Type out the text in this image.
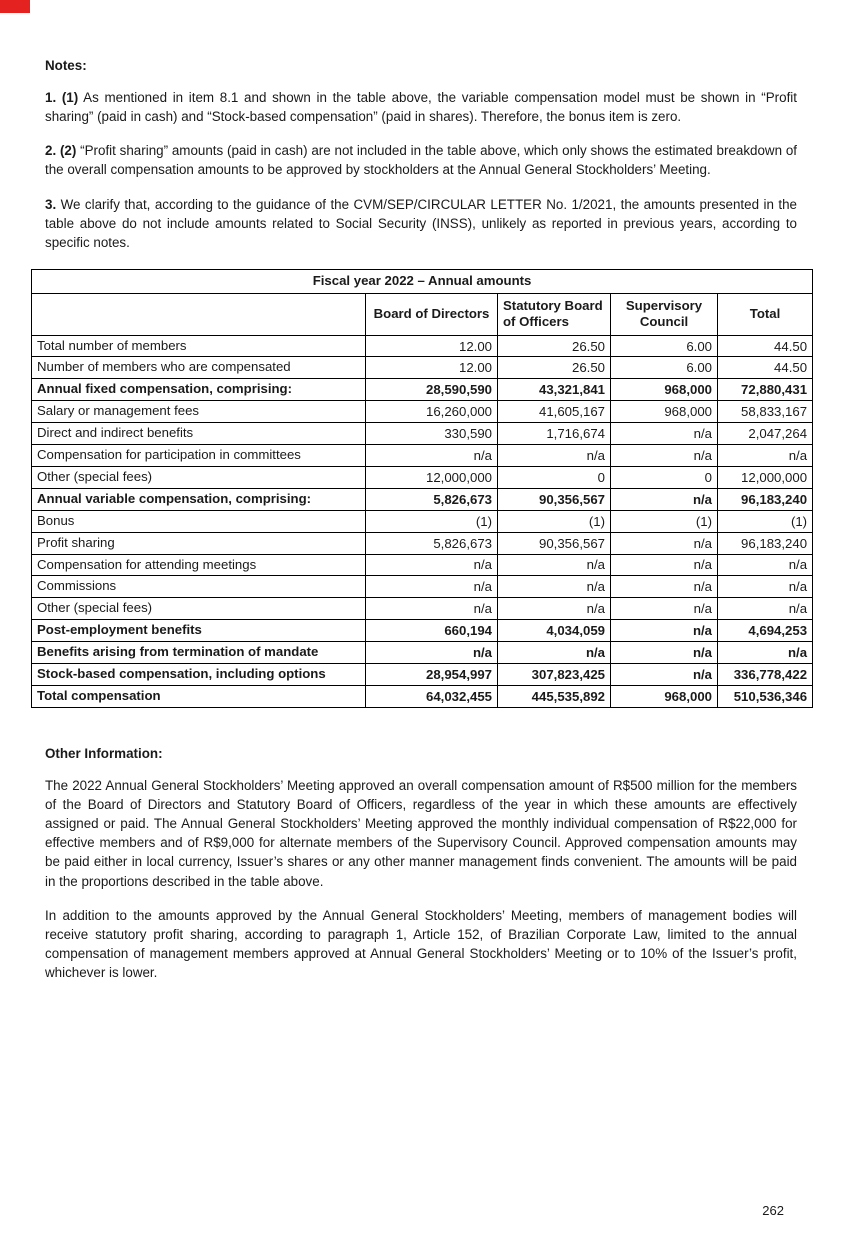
Notes:

1. (1) As mentioned in item 8.1 and shown in the table above, the variable compensation model must be shown in “Profit sharing” (paid in cash) and “Stock-based compensation” (paid in shares). Therefore, the bonus item is zero.

2. (2) “Profit sharing” amounts (paid in cash) are not included in the table above, which only shows the estimated breakdown of the overall compensation amounts to be approved by stockholders at the Annual General Stockholders’ Meeting.

3. We clarify that, according to the guidance of the CVM/SEP/CIRCULAR LETTER No. 1/2021, the amounts presented in the table above do not include amounts related to Social Security (INSS), unlikely as reported in previous years, according to specific notes.

Fiscal year 2022 – Annual amounts				
	Board of Directors	Statutory Board of Officers	Supervisory Council	Total
Total number of members	12.00	26.50	6.00	44.50
Number of members who are compensated	12.00	26.50	6.00	44.50
Annual fixed compensation, comprising:	28,590,590	43,321,841	968,000	72,880,431
Salary or management fees	16,260,000	41,605,167	968,000	58,833,167
Direct and indirect benefits	330,590	1,716,674	n/a	2,047,264
Compensation for participation in committees	n/a	n/a	n/a	n/a
Other (special fees)	12,000,000	0	0	12,000,000
Annual variable compensation, comprising:	5,826,673	90,356,567	n/a	96,183,240
Bonus	(1)	(1)	(1)	(1)
Profit sharing	5,826,673	90,356,567	n/a	96,183,240
Compensation for attending meetings	n/a	n/a	n/a	n/a
Commissions	n/a	n/a	n/a	n/a
Other (special fees)	n/a	n/a	n/a	n/a
Post-employment benefits	660,194	4,034,059	n/a	4,694,253
Benefits arising from termination of mandate	n/a	n/a	n/a	n/a
Stock-based compensation, including options	28,954,997	307,823,425	n/a	336,778,422
Total compensation	64,032,455	445,535,892	968,000	510,536,346

Other Information:

The 2022 Annual General Stockholders’ Meeting approved an overall compensation amount of R$500 million for the members of the Board of Directors and Statutory Board of Officers, regardless of the year in which these amounts are effectively assigned or paid. The Annual General Stockholders’ Meeting approved the monthly individual compensation of R$22,000 for effective members and of R$9,000 for alternate members of the Supervisory Council. Approved compensation amounts may be paid either in local currency, Issuer’s shares or any other manner management finds convenient. The amounts will be paid in the proportions described in the table above.

In addition to the amounts approved by the Annual General Stockholders’ Meeting, members of management bodies will receive statutory profit sharing, according to paragraph 1, Article 152, of Brazilian Corporate Law, limited to the annual compensation of management members approved at Annual General Stockholders’ Meeting or to 10% of the Issuer’s profit, whichever is lower.

262
